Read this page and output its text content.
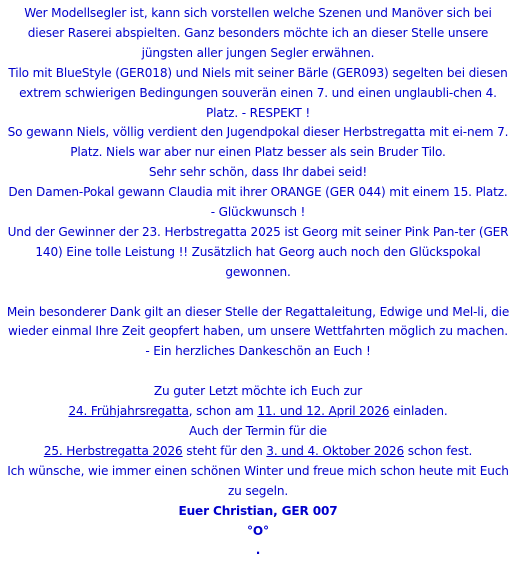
Wer Modellsegler ist, kann sich vorstellen welche Szenen und Manöver sich bei dieser Raserei abspielten. Ganz besonders möchte ich an dieser Stelle unsere jüngsten aller jungen Segler erwähnen.

Tilo mit BlueStyle (GER018) und Niels mit seiner Bärle (GER093) segelten bei diesen extrem schwierigen Bedingungen souverän einen 7. und einen unglaubli-chen 4. Platz. - RESPEKT !

So gewann Niels, völlig verdient den Jugendpokal dieser Herbstregatta mit ei-nem 7. Platz. Niels war aber nur einen Platz besser als sein Bruder Tilo.

Sehr sehr schön, dass Ihr dabei seid!

Den Damen-Pokal gewann Claudia mit ihrer ORANGE (GER 044) mit einem 15. Platz. - Glückwunsch !

Und der Gewinner der 23. Herbstregatta 2025 ist Georg mit seiner Pink Pan-ter (GER 140) Eine tolle Leistung !! Zusätzlich hat Georg auch noch den Glückspokal gewonnen.

Mein besonderer Dank gilt an dieser Stelle der Regattaleitung, Edwige und Mel-li, die wieder einmal Ihre Zeit geopfert haben, um unsere Wettfahrten möglich zu machen. - Ein herzliches Dankeschön an Euch !

Zu guter Letzt möchte ich Euch zur

24. Frühjahrsregatta, schon am 11. und 12. April 2026 einladen.

Auch der Termin für die

25. Herbstregatta 2026 steht für den 3. und 4. Oktober 2026 schon fest.

Ich wünsche, wie immer einen schönen Winter und freue mich schon heute mit Euch zu segeln.

Euer Christian, GER 007

°O°

.
